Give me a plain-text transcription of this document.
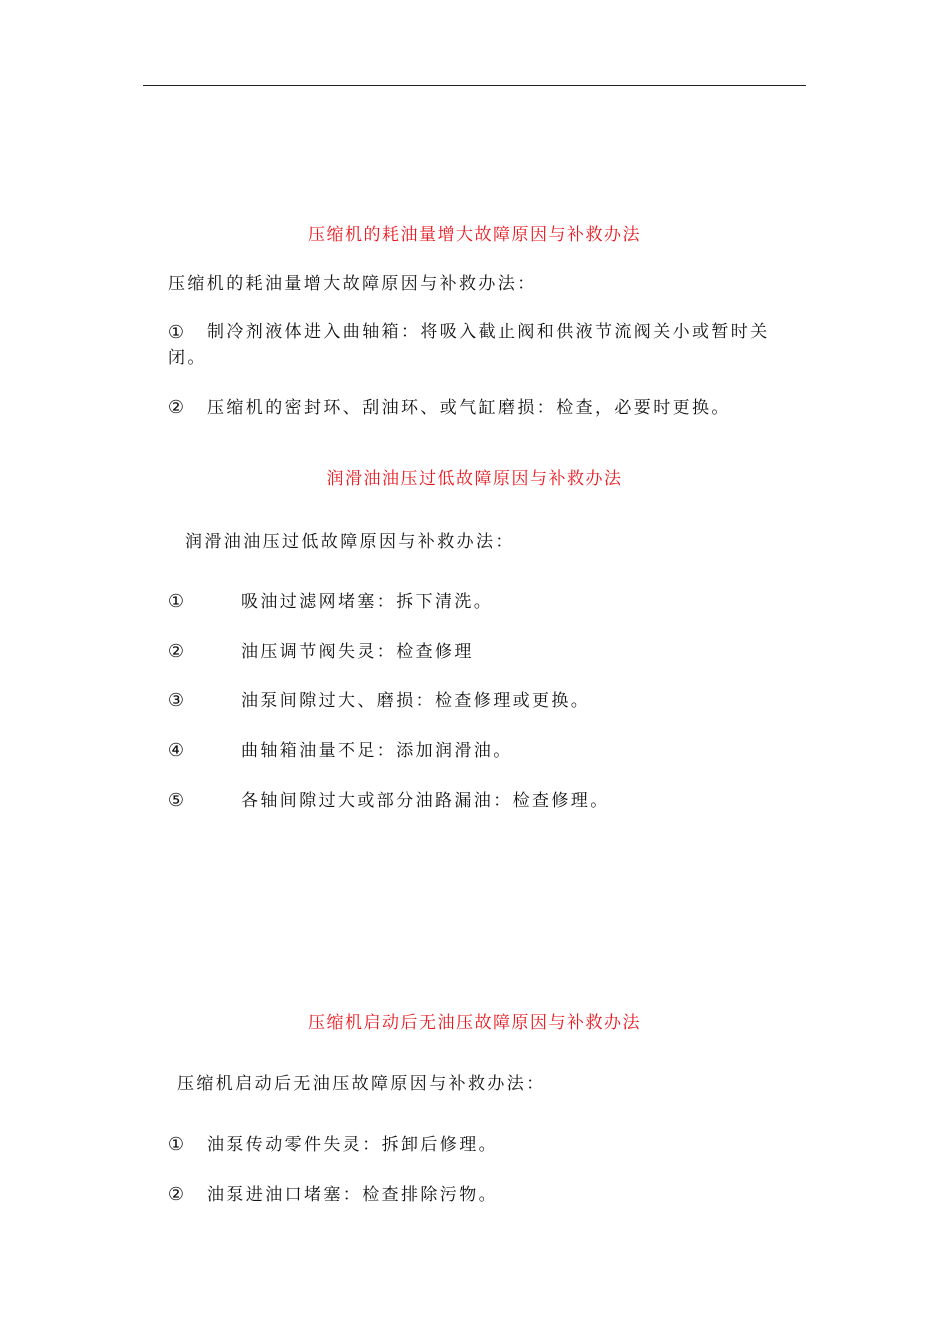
压缩机的耗油量增大故障原因与补救办法
压缩机的耗油量增大故障原因与补救办法：
①	制冷剂液体进入曲轴箱：将吸入截止阀和供液节流阀关小或暂时关闭。
② 压缩机的密封环、刮油环、或气缸磨损：检查，必要时更换。
润滑油油压过低故障原因与补救办法
润滑油油压过低故障原因与补救办法：
①	吸油过滤网堵塞：拆下清洗。
②	油压调节阀失灵：检查修理
③	油泵间隙过大、磨损：检查修理或更换。
④	曲轴箱油量不足：添加润滑油。
⑤	各轴间隙过大或部分油路漏油：检查修理。
压缩机启动后无油压故障原因与补救办法
压缩机启动后无油压故障原因与补救办法：
① 油泵传动零件失灵：拆卸后修理。
② 油泵进油口堵塞：检查排除污物。
